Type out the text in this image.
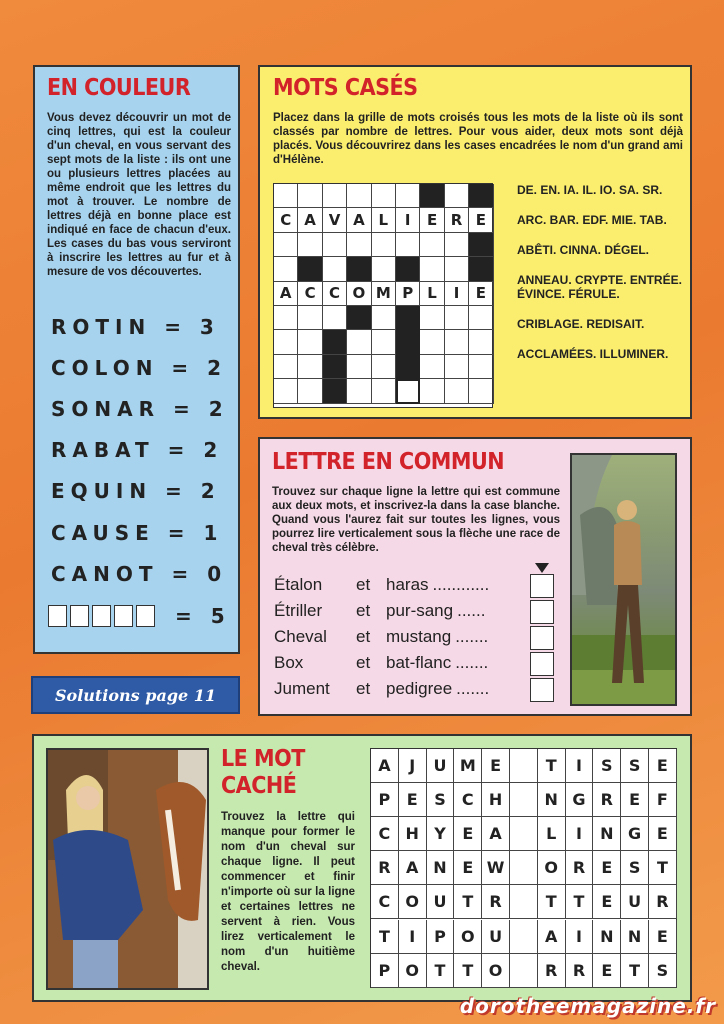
EN COULEUR
Vous devez découvrir un mot de cinq lettres, qui est la couleur d'un cheval, en vous servant des sept mots de la liste : ils ont une ou plusieurs lettres placées au même endroit que les lettres du mot à trouver. Le nombre de lettres déjà en bonne place est indiqué en face de chacun d'eux. Les cases du bas vous serviront à inscrire les lettres au fur et à mesure de vos découvertes.
ROTIN = 3
COLON = 2
SONAR = 2
RABAT = 2
EQUIN = 2
CAUSE = 1
CANOT = 0
= 5
Solutions page 11
MOTS CASÉS
Placez dans la grille de mots croisés tous les mots de la liste où ils sont classés par nombre de lettres. Pour vous aider, deux mots sont déjà placés. Vous découvrirez dans les cases encadrées le nom d'un grand ami d'Hélène.
C A V A L	I	E R E
A C C O M P L	I	E
DE. EN. IA. IL. IO. SA. SR.
ARC. BAR. EDF. MIE. TAB.
ABÊTI. CINNA. DÉGEL.
ANNEAU. CRYPTE. ENTRÉE. ÉVINCE. FÉRULE.
CRIBLAGE. REDISAIT.
ACCLAMÉES. ILLUMINER.
LETTRE EN COMMUN
Trouvez sur chaque ligne la lettre qui est commune aux deux mots, et inscrivez-la dans la case blanche. Quand vous l'aurez fait sur toutes les lignes, vous pourrez lire verticalement sous la flèche une race de cheval très célèbre.
Étalon	et haras ............
Étriller	et pur-sang ......
Cheval	et mustang .......
Box	et bat-flanc .......
Jument	et pedigree .......
LE MOT
CACHÉ
Trouvez la lettre qui manque pour former le nom d'un cheval sur chaque ligne. Il peut commencer et finir n'importe où sur la ligne et certaines lettres ne servent à rien. Vous lirez verticalement le nom d'un huitième cheval.
A	J	U M E	T	I	S	S	E
P	E	S	C H	N G R	E	F
C H Y	E	A	L	I	N G E
R A N E W	O R	E	S	T
C O U T	R	T	T	E U R
T	I	P O U	A	I	N N E
P O T	T O	R R	E	T	S
dorotheemagazine.fr
